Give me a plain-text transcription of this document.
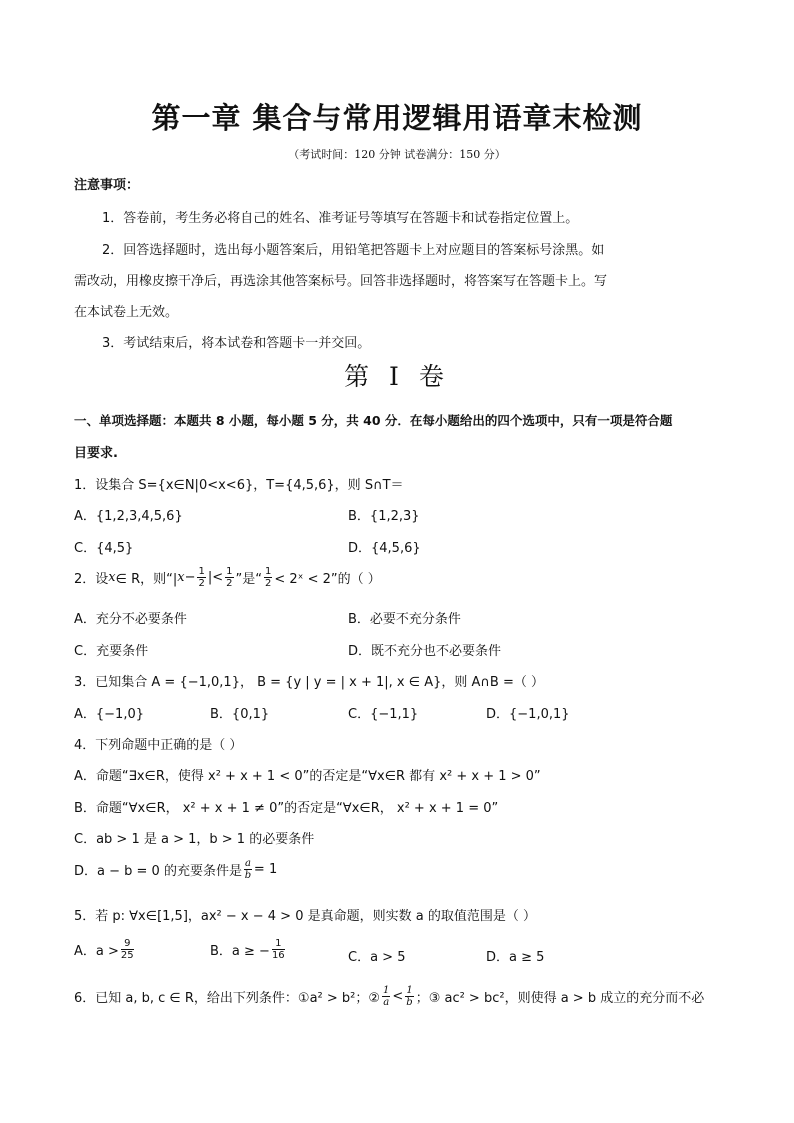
第一章 集合与常用逻辑用语章末检测
（考试时间：120 分钟 试卷满分：150 分）
注意事项：
1．答卷前，考生务必将自己的姓名、准考证号等填写在答题卡和试卷指定位置上。
2．回答选择题时，选出每小题答案后，用铅笔把答题卡上对应题目的答案标号涂黑。如
需改动，用橡皮擦干净后，再选涂其他答案标号。回答非选择题时，将答案写在答题卡上。写
在本试卷上无效。
3．考试结束后，将本试卷和答题卡一并交回。
第 I 卷
一、单项选择题：本题共 8 小题，每小题 5 分，共 40 分．在每小题给出的四个选项中，只有一项是符合题
目要求.
1．设集合 S={x∈N|0<x<6}，T={4,5,6}，则 S∩T＝
A．{1,2,3,4,5,6}	B．{1,2,3}
C．{4,5}	D．{4,5,6}
2．设 x ∈ R，则“| $x - \frac{1}{2}$ |< $\frac{1}{2}$ ”是“ $\frac{1}{2}$ < 2ˣ < 2”的（ ）
A．充分不必要条件	B．必要不充分条件
C．充要条件	D．既不充分也不必要条件
3．已知集合 A = {−1,0,1}， B = {y | y = | x + 1|, x ∈ A}，则 A∩B =（ ）
A．{−1,0}	B．{0,1}	C．{−1,1}	D．{−1,0,1}
4．下列命题中正确的是（ ）
A．命题“∃x∈R，使得 x² + x + 1 < 0”的否定是“∀x∈R 都有 x² + x + 1 > 0”
B．命题“∀x∈R， x² + x + 1 ≠ 0”的否定是“∀x∈R， x² + x + 1 = 0”
C．ab > 1 是 a > 1，b > 1 的必要条件
D．a − b = 0 的充要条件是 $\frac{a}{b} = 1$
5．若 p: ∀x∈[1,5]，ax² − x − 4 > 0 是真命题，则实数 a 的取值范围是（ ）
A．$a > \frac{9}{25}$	B．a ≥ − $\frac{1}{16}$	C．a > 5	D．a ≥ 5
6．已知 a, b, c ∈ R，给出下列条件：①a² > b²；② $\frac{1}{a} < \frac{1}{b}$ ；③ ac² > bc²，则使得 a > b 成立的充分而不必
